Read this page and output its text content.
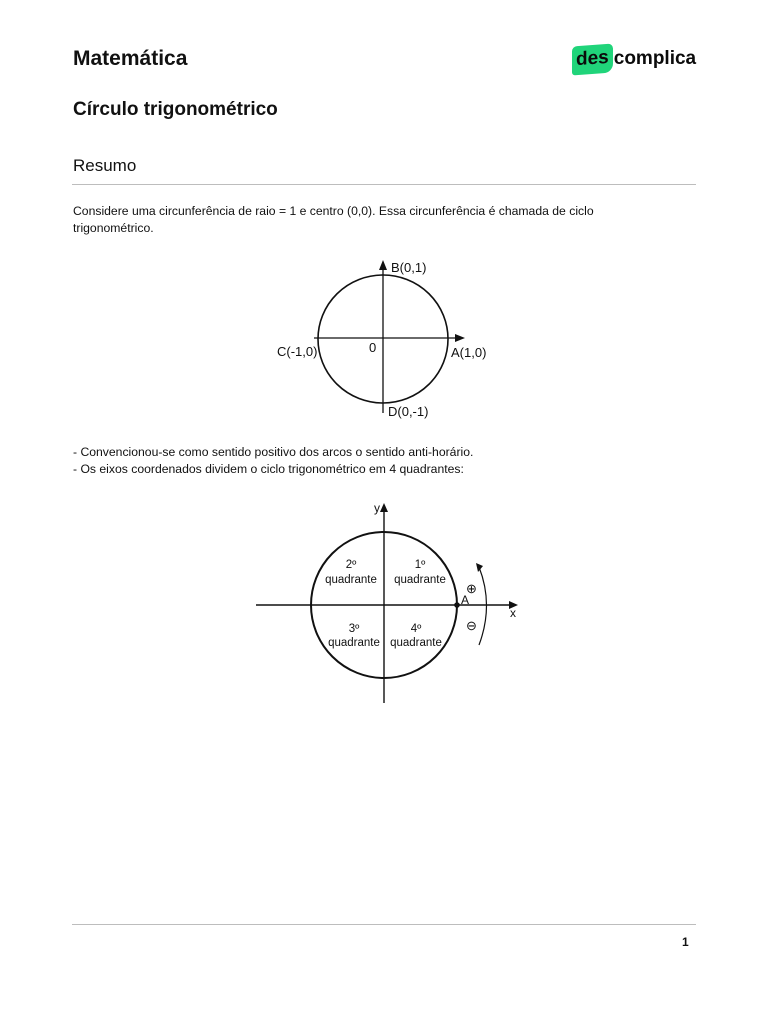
Matemática	des complica
Círculo trigonométrico
Resumo

Considere uma circunferência de raio = 1 e centro (0,0). Essa circunferência é chamada de ciclo trigonométrico.

B(0,1)
A(1,0)
C(-1,0)
D(0,-1)
0

- Convencionou-se como sentido positivo dos arcos o sentido anti-horário.

- Os eixos coordenados dividem o ciclo trigonométrico em 4 quadrantes:

y
x
A
2º
quadrante
1º
quadrante
3º
quadrante
4º
quadrante
⊕
⊖
1
